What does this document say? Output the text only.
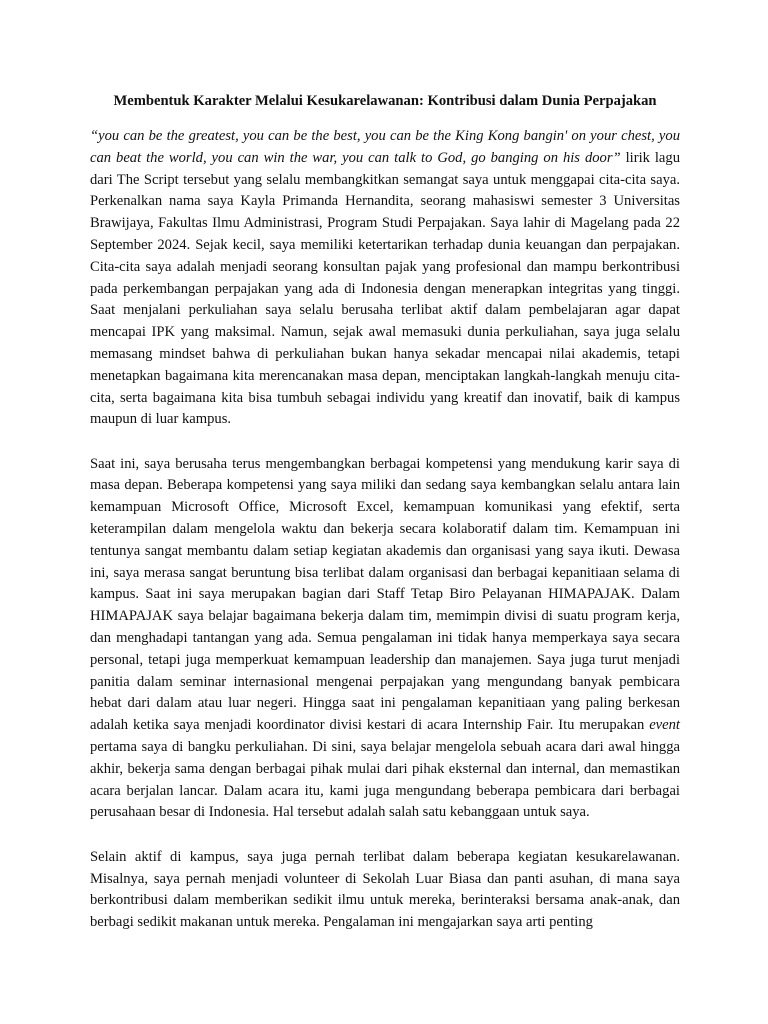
Membentuk Karakter Melalui Kesukarelawanan: Kontribusi dalam Dunia Perpajakan

“you can be the greatest, you can be the best, you can be the King Kong bangin' on your chest, you can beat the world, you can win the war, you can talk to God, go banging on his door” lirik lagu dari The Script tersebut yang selalu membangkitkan semangat saya untuk menggapai cita-cita saya. Perkenalkan nama saya Kayla Primanda Hernandita, seorang mahasiswi semester 3 Universitas Brawijaya, Fakultas Ilmu Administrasi, Program Studi Perpajakan. Saya lahir di Magelang pada 22 September 2024. Sejak kecil, saya memiliki ketertarikan terhadap dunia keuangan dan perpajakan. Cita-cita saya adalah menjadi seorang konsultan pajak yang profesional dan mampu berkontribusi pada perkembangan perpajakan yang ada di Indonesia dengan menerapkan integritas yang tinggi. Saat menjalani perkuliahan saya selalu berusaha terlibat aktif dalam pembelajaran agar dapat mencapai IPK yang maksimal. Namun, sejak awal memasuki dunia perkuliahan, saya juga selalu memasang mindset bahwa di perkuliahan bukan hanya sekadar mencapai nilai akademis, tetapi menetapkan bagaimana kita merencanakan masa depan, menciptakan langkah-langkah menuju cita-cita, serta bagaimana kita bisa tumbuh sebagai individu yang kreatif dan inovatif, baik di kampus maupun di luar kampus.

Saat ini, saya berusaha terus mengembangkan berbagai kompetensi yang mendukung karir saya di masa depan. Beberapa kompetensi yang saya miliki dan sedang saya kembangkan selalu antara lain kemampuan Microsoft Office, Microsoft Excel, kemampuan komunikasi yang efektif, serta keterampilan dalam mengelola waktu dan bekerja secara kolaboratif dalam tim. Kemampuan ini tentunya sangat membantu dalam setiap kegiatan akademis dan organisasi yang saya ikuti. Dewasa ini, saya merasa sangat beruntung bisa terlibat dalam organisasi dan berbagai kepanitiaan selama di kampus. Saat ini saya merupakan bagian dari Staff Tetap Biro Pelayanan HIMAPAJAK. Dalam HIMAPAJAK saya belajar bagaimana bekerja dalam tim, memimpin divisi di suatu program kerja, dan menghadapi tantangan yang ada. Semua pengalaman ini tidak hanya memperkaya saya secara personal, tetapi juga memperkuat kemampuan leadership dan manajemen. Saya juga turut menjadi panitia dalam seminar internasional mengenai perpajakan yang mengundang banyak pembicara hebat dari dalam atau luar negeri. Hingga saat ini pengalaman kepanitiaan yang paling berkesan adalah ketika saya menjadi koordinator divisi kestari di acara Internship Fair. Itu merupakan event pertama saya di bangku perkuliahan. Di sini, saya belajar mengelola sebuah acara dari awal hingga akhir, bekerja sama dengan berbagai pihak mulai dari pihak eksternal dan internal, dan memastikan acara berjalan lancar. Dalam acara itu, kami juga mengundang beberapa pembicara dari berbagai perusahaan besar di Indonesia. Hal tersebut adalah salah satu kebanggaan untuk saya.

Selain aktif di kampus, saya juga pernah terlibat dalam beberapa kegiatan kesukarelawanan. Misalnya, saya pernah menjadi volunteer di Sekolah Luar Biasa dan panti asuhan, di mana saya berkontribusi dalam memberikan sedikit ilmu untuk mereka, berinteraksi bersama anak-anak, dan berbagi sedikit makanan untuk mereka. Pengalaman ini mengajarkan saya arti penting
